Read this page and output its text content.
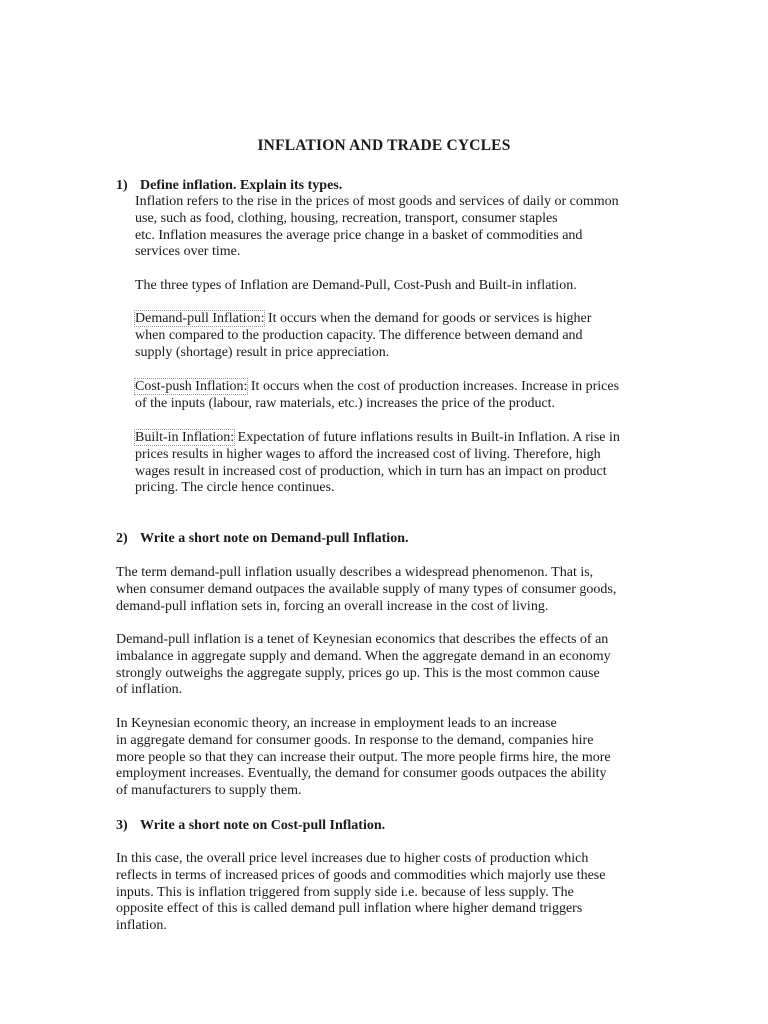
INFLATION AND TRADE CYCLES
1) Define inflation. Explain its types.
Inflation refers to the rise in the prices of most goods and services of daily or common
use, such as food, clothing, housing, recreation, transport, consumer staples
etc. Inflation measures the average price change in a basket of commodities and
services over time.
The three types of Inflation are Demand-Pull, Cost-Push and Built-in inflation.
Demand-pull Inflation: It occurs when the demand for goods or services is higher
when compared to the production capacity. The difference between demand and
supply (shortage) result in price appreciation.
Cost-push Inflation: It occurs when the cost of production increases. Increase in prices
of the inputs (labour, raw materials, etc.) increases the price of the product.
Built-in Inflation: Expectation of future inflations results in Built-in Inflation. A rise in
prices results in higher wages to afford the increased cost of living. Therefore, high
wages result in increased cost of production, which in turn has an impact on product
pricing. The circle hence continues.
2) Write a short note on Demand-pull Inflation.
The term demand-pull inflation usually describes a widespread phenomenon. That is,
when consumer demand outpaces the available supply of many types of consumer goods,
demand-pull inflation sets in, forcing an overall increase in the cost of living.
Demand-pull inflation is a tenet of Keynesian economics that describes the effects of an
imbalance in aggregate supply and demand. When the aggregate demand in an economy
strongly outweighs the aggregate supply, prices go up. This is the most common cause
of inflation.
In Keynesian economic theory, an increase in employment leads to an increase
in aggregate demand for consumer goods. In response to the demand, companies hire
more people so that they can increase their output. The more people firms hire, the more
employment increases. Eventually, the demand for consumer goods outpaces the ability
of manufacturers to supply them.
3) Write a short note on Cost-pull Inflation.
In this case, the overall price level increases due to higher costs of production which
reflects in terms of increased prices of goods and commodities which majorly use these
inputs. This is inflation triggered from supply side i.e. because of less supply. The
opposite effect of this is called demand pull inflation where higher demand triggers
inflation.
